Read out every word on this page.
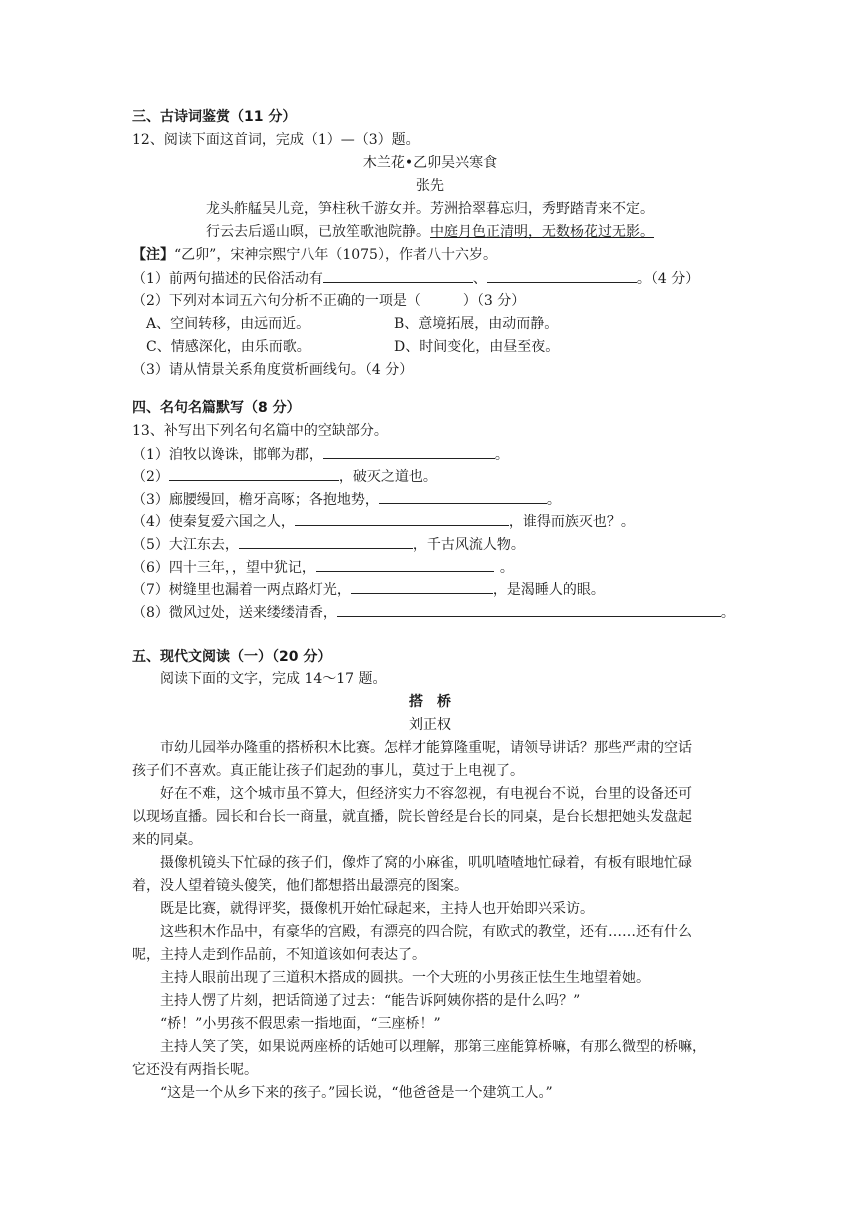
三、古诗词鉴赏（11 分）
12、阅读下面这首词，完成（1）—（3）题。
木兰花•乙卯吴兴寒食
张先
龙头舴艋吴儿竞，笋柱秋千游女并。芳洲拾翠暮忘归，秀野踏青来不定。
行云去后遥山暝，已放笙歌池院静。中庭月色正清明，无数杨花过无影。
【注】“乙卯”，宋神宗熙宁八年（1075），作者八十六岁。
（1）前两句描述的民俗活动有	、	。（4 分）
（2）下列对本词五六句分析不正确的一项是（　　　）（3 分）
A、空间转移，由远而近。	B、意境拓展，由动而静。
C、情感深化，由乐而歌。	D、时间变化，由昼至夜。
（3）请从情景关系角度赏析画线句。（4 分）
四、名句名篇默写（8 分）
13、补写出下列名句名篇中的空缺部分。
（1）洎牧以谗诛，邯郸为郡，	。
（2）	，破灭之道也。
（3）廊腰缦回，檐牙高啄；各抱地势，	。
（4）使秦复爱六国之人，	，谁得而族灭也？。
（5）大江东去，	，千古风流人物。
（6）四十三年，，望中犹记，	。
（7）树缝里也漏着一两点路灯光，	，是渴睡人的眼。
（8）微风过处，送来缕缕清香，	。
五、现代文阅读（一）（20 分）
阅读下面的文字，完成 14～17 题。
搭　桥
刘正权
市幼儿园举办隆重的搭桥积木比赛。怎样才能算隆重呢，请领导讲话？那些严肃的空话
孩子们不喜欢。真正能让孩子们起劲的事儿，莫过于上电视了。
好在不难，这个城市虽不算大，但经济实力不容忽视，有电视台不说，台里的设备还可
以现场直播。园长和台长一商量，就直播，院长曾经是台长的同桌，是台长想把她头发盘起
来的同桌。
摄像机镜头下忙碌的孩子们，像炸了窝的小麻雀，叽叽喳喳地忙碌着，有板有眼地忙碌
着，没人望着镜头傻笑，他们都想搭出最漂亮的图案。
既是比赛，就得评奖，摄像机开始忙碌起来，主持人也开始即兴采访。
这些积木作品中，有豪华的宫殿，有漂亮的四合院，有欧式的教堂，还有……还有什么
呢，主持人走到作品前，不知道该如何表达了。
主持人眼前出现了三道积木搭成的圆拱。一个大班的小男孩正怯生生地望着她。
主持人愣了片刻，把话筒递了过去：“能告诉阿姨你搭的是什么吗？”
“桥！”小男孩不假思索一指地面，“三座桥！”
主持人笑了笑，如果说两座桥的话她可以理解，那第三座能算桥嘛，有那么微型的桥嘛，
它还没有两指长呢。
“这是一个从乡下来的孩子。”园长说，“他爸爸是一个建筑工人。”
